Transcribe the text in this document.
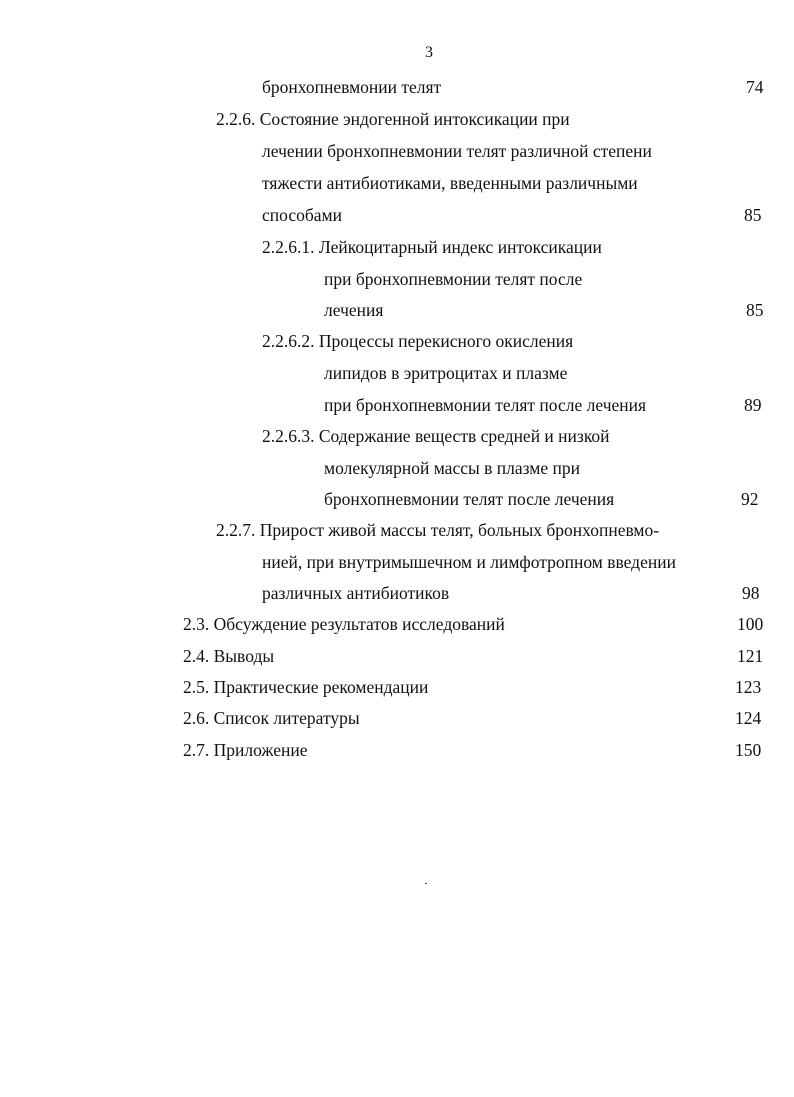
3
бронхопневмонии телят	74
2.2.6. Состояние эндогенной интоксикации при
лечении бронхопневмонии телят различной степени
тяжести антибиотиками, введенными различными
способами	85
2.2.6.1. Лейкоцитарный индекс интоксикации
при бронхопневмонии телят после
лечения	85
2.2.6.2. Процессы перекисного окисления
липидов в эритроцитах и плазме
при бронхопневмонии телят после лечения	89
2.2.6.3. Содержание веществ средней и низкой
молекулярной массы в плазме при
бронхопневмонии телят после лечения	92
2.2.7. Прирост живой массы телят, больных бронхопневмо-
нией, при внутримышечном и лимфотропном введении
различных антибиотиков	98
2.3. Обсуждение результатов исследований	100
2.4. Выводы	121
2.5. Практические рекомендации	123
2.6. Список литературы	124
2.7. Приложение	150
